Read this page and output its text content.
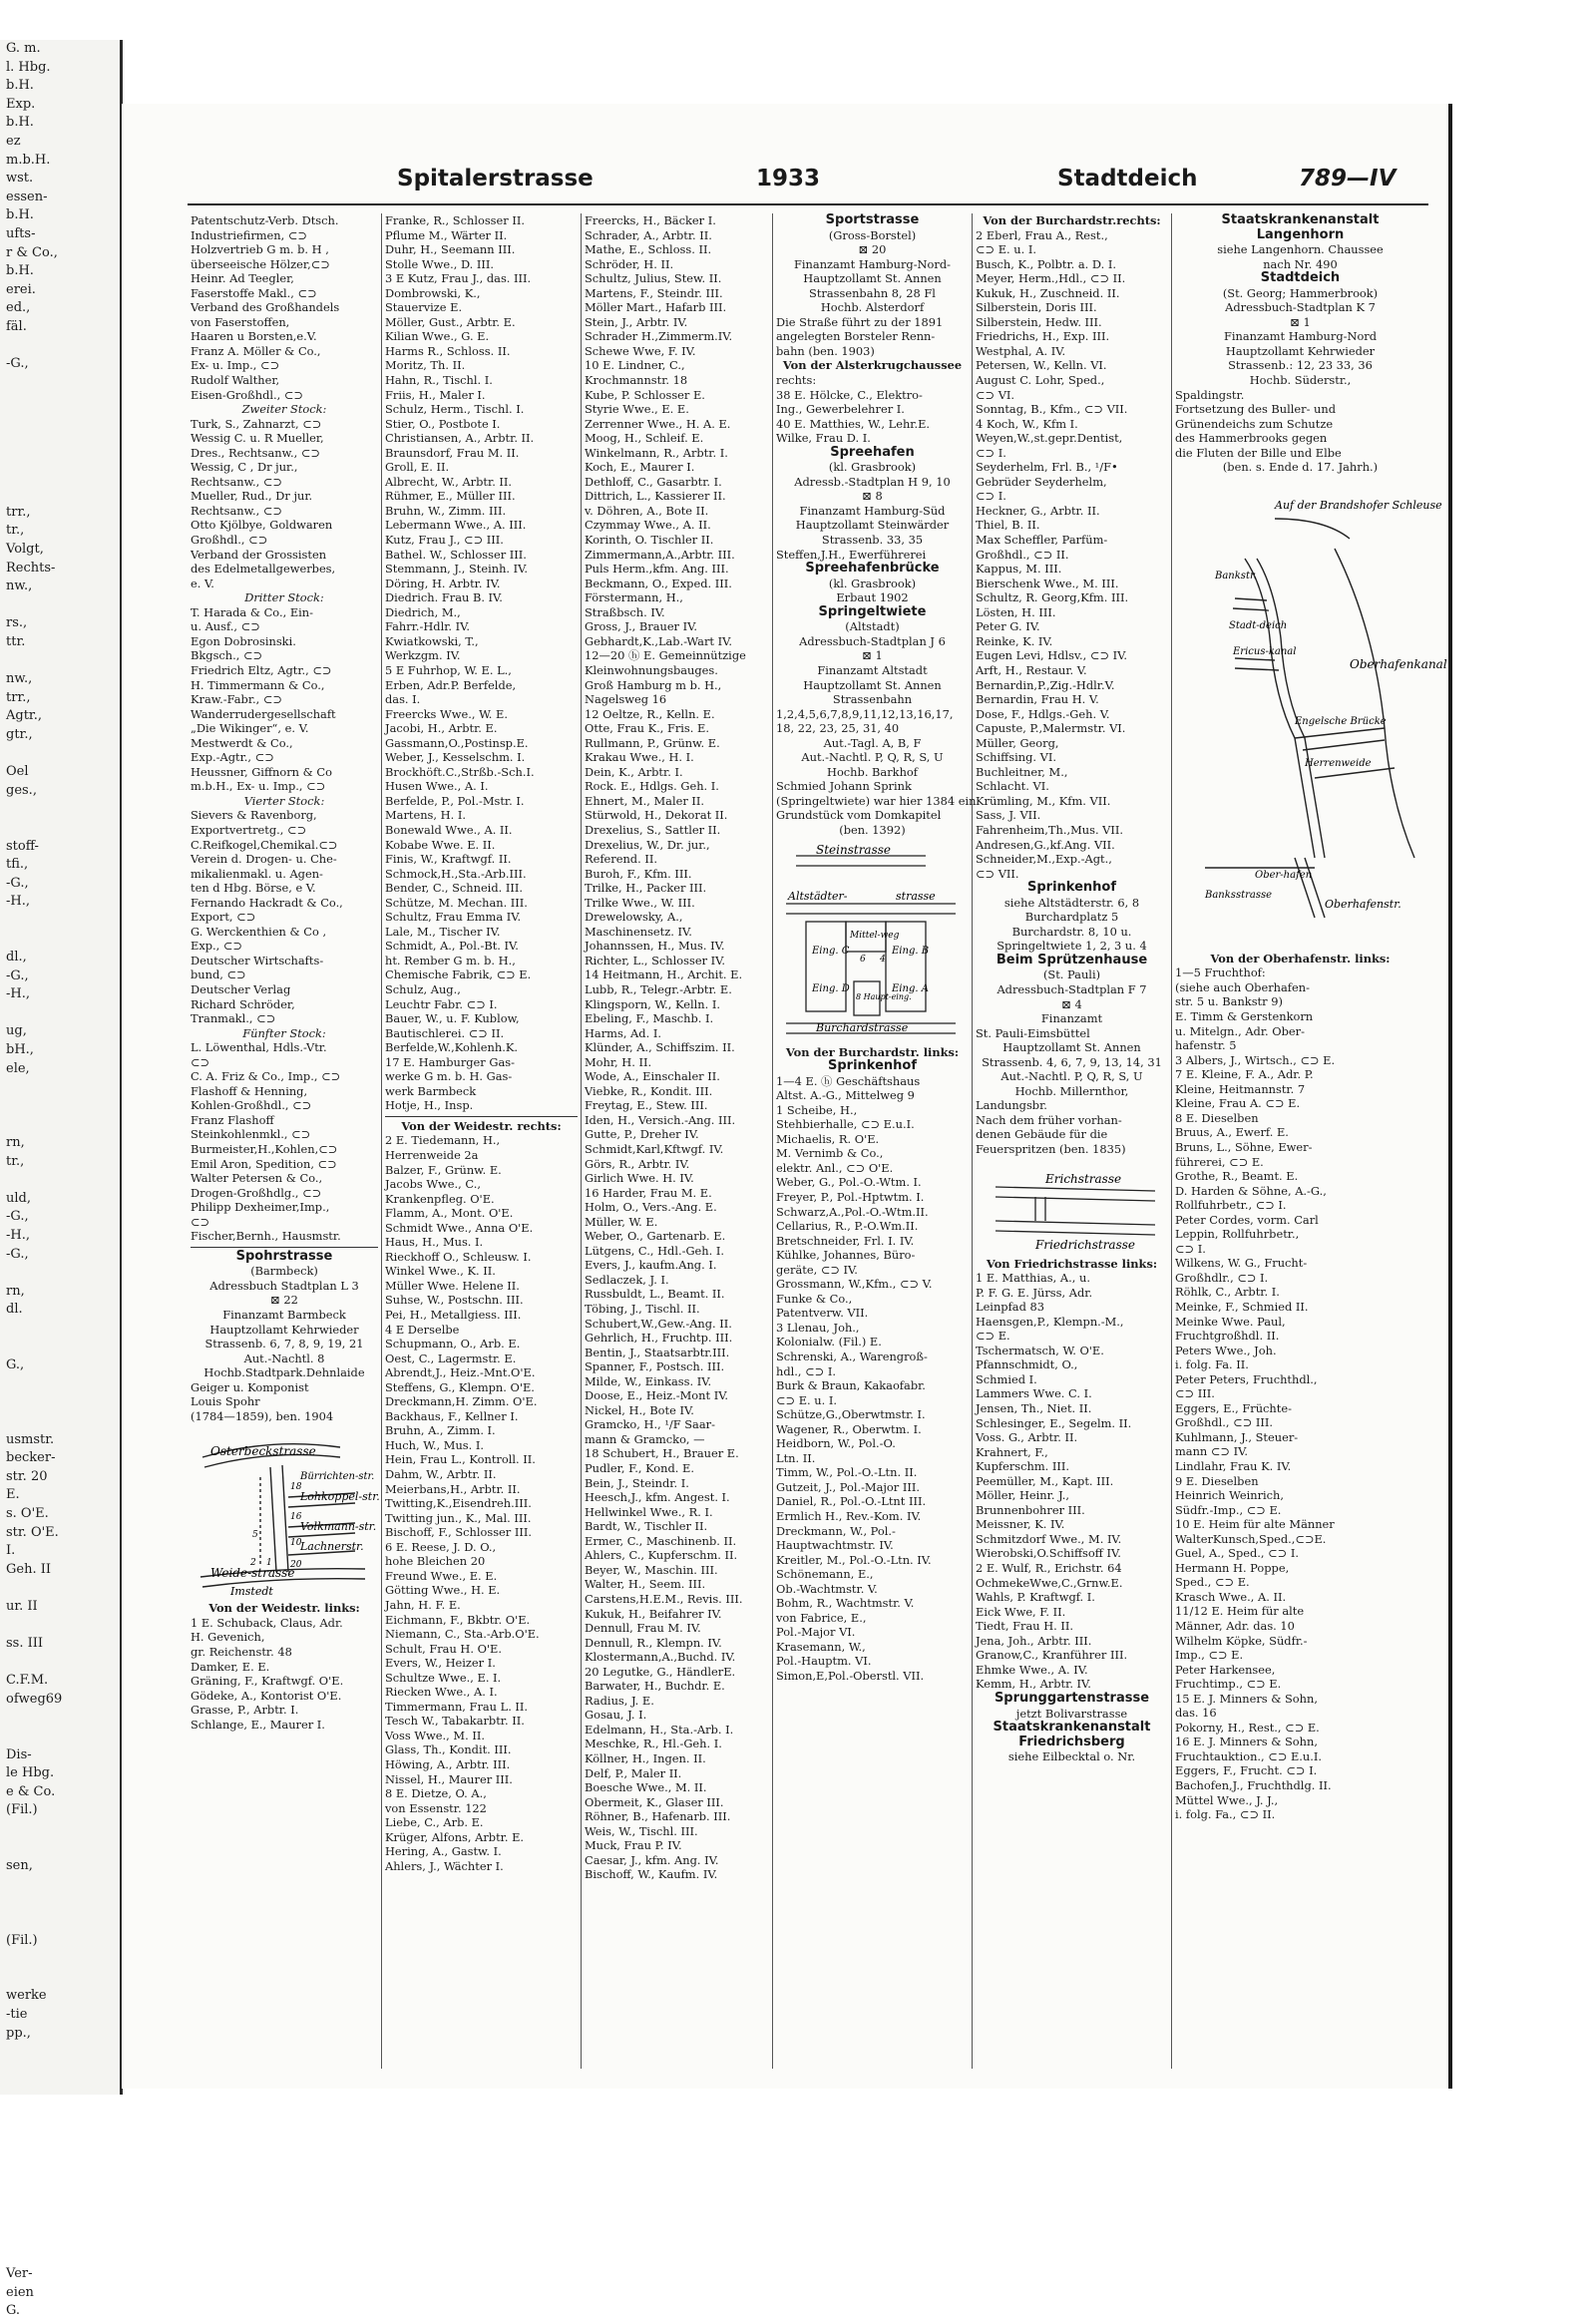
G. m.
l. Hbg.
b.H.
Exp.
b.H.
ez
m.b.H.
wst.
essen-
b.H.
ufts-
r & Co.,
b.H.
erei.
ed.,
fäl.

-G.,

trr.,
tr.,
Volgt,
Rechts-
nw.,

rs.,
ttr.

nw.,
trr.,
Agtr.,
gtr.,

Oel
ges.,

stoff-
tfi.,
-G.,
-H.,

dl.,
-G.,
-H.,

ug,
bH.,
ele,

rn,
tr.,

uld,
-G.,
-H.,
-G.,

rn,
dl.

G.,

usmstr.
becker-
str. 20
E.
s. O'E.
str. O'E.
I.
Geh. II

ur. II

ss. III

C.F.M.
ofweg69

Dis-
le Hbg.
e & Co.
(Fil.)

sen,

(Fil.)

werke
-tie
pp.,

Ver-
eien
G.
Spitalerstrasse	1933	Stadtdeich	789—IV
Patentschutz-Verb. Dtsch.
Industriefirmen, ⊂⊃
Holzvertrieb G m. b. H ,
überseeische Hölzer,⊂⊃
Heinr. Ad Teegler,
Faserstoffe Makl., ⊂⊃
Verband des Großhandels
von Faserstoffen,
Haaren u Borsten,e.V.
Franz A. Möller & Co.,
Ex- u. Imp., ⊂⊃
Rudolf Walther,
Eisen-Großhdl., ⊂⊃
Zweiter Stock:
Turk, S., Zahnarzt, ⊂⊃
Wessig C. u. R Mueller,
Dres., Rechtsanw., ⊂⊃
Wessig, C , Dr jur.,
Rechtsanw., ⊂⊃
Mueller, Rud., Dr jur.
Rechtsanw., ⊂⊃
Otto Kjölbye, Goldwaren
Großhdl., ⊂⊃
Verband der Grossisten
des Edelmetallgewerbes,
e. V.
Dritter Stock:
T. Harada & Co., Ein-
u. Ausf., ⊂⊃
Egon Dobrosinski.
Bkgsch., ⊂⊃
Friedrich Eltz, Agtr., ⊂⊃
H. Timmermann & Co.,
Kraw.-Fabr., ⊂⊃
Wanderrudergesellschaft
„Die Wikinger“, e. V.
Mestwerdt & Co.,
Exp.-Agtr., ⊂⊃
Heussner, Giffnorn & Co
m.b.H., Ex- u. Imp., ⊂⊃
Vierter Stock:
Sievers & Ravenborg,
Exportvertretg., ⊂⊃
C.Reifkogel,Chemikal.⊂⊃
Verein d. Drogen- u. Che-
mikalienmakl. u. Agen-
ten d Hbg. Börse, e V.
Fernando Hackradt & Co.,
Export, ⊂⊃
G. Werckenthien & Co ,
Exp., ⊂⊃
Deutscher Wirtschafts-
bund, ⊂⊃
Deutscher Verlag
Richard Schröder,
Tranmakl., ⊂⊃
Fünfter Stock:
L. Löwenthal, Hdls.-Vtr.
⊂⊃
C. A. Friz & Co., Imp., ⊂⊃
Flashoff & Henning,
Kohlen-Großhdl., ⊂⊃
Franz Flashoff
Steinkohlenmkl., ⊂⊃
Burmeister,H.,Kohlen,⊂⊃
Emil Aron, Spedition, ⊂⊃
Walter Petersen & Co.,
Drogen-Großhdlg., ⊂⊃
Philipp Dexheimer,Imp.,
⊂⊃
Fischer,Bernh., Hausmstr.
Spohrstrasse
(Barmbeck)
Adressbuch Stadtplan L 3
⊠ 22
Finanzamt Barmbeck
Hauptzollamt Kehrwieder
Strassenb. 6, 7, 8, 9, 19, 21
Aut.-Nachtl. 8
Hochb.Stadtpark.Dehnlaide
Geiger u. Komponist
Louis Spohr
(1784—1859), ben. 1904
Osterbeckstrasse
Bürrichten-str.
Lohkoppel-str.
Volkmann-str.
Lachnerstr.
Weide-strasse
Imstedt
1
2
5
16
10
18
20
Von der Weidestr. links:
1 E. Schuback, Claus, Adr.
H. Gevenich,
gr. Reichenstr. 48
Damker, E. E.
Gräning, F., Kraftwgf. O'E.
Gödeke, A., Kontorist O'E.
Grasse, P., Arbtr. I.
Schlange, E., Maurer I.
Franke, R., Schlosser II.
Pflume M., Wärter II.
Duhr, H., Seemann III.
Stolle Wwe., D. III.
3 E Kutz, Frau J., das. III.
Dombrowski, K.,
Stauervize E.
Möller, Gust., Arbtr. E.
Kilian Wwe., G. E.
Harms R., Schloss. II.
Moritz, Th. II.
Hahn, R., Tischl. I.
Friis, H., Maler I.
Schulz, Herm., Tischl. I.
Stier, O., Postbote I.
Christiansen, A., Arbtr. II.
Braunsdorf, Frau M. II.
Groll, E. II.
Albrecht, W., Arbtr. II.
Rühmer, E., Müller III.
Bruhn, W., Zimm. III.
Lebermann Wwe., A. III.
Kutz, Frau J., ⊂⊃ III.
Bathel. W., Schlosser III.
Stemmann, J., Steinh. IV.
Döring, H. Arbtr. IV.
Diedrich. Frau B. IV.
Diedrich, M.,
Fahrr.-Hdlr. IV.
Kwiatkowski, T.,
Werkzgm. IV.
5 E Fuhrhop, W. E. L.,
Erben, Adr.P. Berfelde,
das. I.
Freercks Wwe., W. E.
Jacobi, H., Arbtr. E.
Gassmann,O.,Postinsp.E.
Weber, J., Kesselschm. I.
Brockhöft.C.,Strßb.-Sch.I.
Husen Wwe., A. I.
Berfelde, P., Pol.-Mstr. I.
Martens, H. I.
Bonewald Wwe., A. II.
Kobabe Wwe. E. II.
Finis, W., Kraftwgf. II.
Schmock,H.,Sta.-Arb.III.
Bender, C., Schneid. III.
Schütze, M. Mechan. III.
Schultz, Frau Emma IV.
Lale, M., Tischer IV.
Schmidt, A., Pol.-Bt. IV.
ht. Rember G m. b. H.,
Chemische Fabrik, ⊂⊃ E.
Schulz, Aug.,
Leuchtr Fabr. ⊂⊃ I.
Bauer, W., u. F. Kublow,
Bautischlerei. ⊂⊃ II.
Berfelde,W.,Kohlenh.K.
17 E. Hamburger Gas-
werke G m. b. H. Gas-
werk Barmbeck
Hotje, H., Insp.
Von der Weidestr. rechts:
2 E. Tiedemann, H.,
Herrenweide 2a
Balzer, F., Grünw. E.
Jacobs Wwe., C.,
Krankenpfleg. O'E.
Flamm, A., Mont. O'E.
Schmidt Wwe., Anna O'E.
Haus, H., Mus. I.
Rieckhoff O., Schleusw. I.
Winkel Wwe., K. II.
Müller Wwe. Helene II.
Suhse, W., Postschn. III.
Pei, H., Metallgiess. III.
4 E Derselbe
Schupmann, O., Arb. E.
Oest, C., Lagermstr. E.
Abrendt,J., Heiz.-Mnt.O'E.
Steffens, G., Klempn. O'E.
Dreckmann,H. Zimm. O'E.
Backhaus, F., Kellner I.
Bruhn, A., Zimm. I.
Huch, W., Mus. I.
Hein, Frau L., Kontroll. II.
Dahm, W., Arbtr. II.
Meierbans,H., Arbtr. II.
Twitting,K.,Eisendreh.III.
Twitting jun., K., Mal. III.
Bischoff, F., Schlosser III.
6 E. Reese, J. D. O.,
hohe Bleichen 20
Freund Wwe., E. E.
Götting Wwe., H. E.
Jahn, H. F. E.
Eichmann, F., Bkbtr. O'E.
Niemann, C., Sta.-Arb.O'E.
Schult, Frau H. O'E.
Evers, W., Heizer I.
Schultze Wwe., E. I.
Riecken Wwe., A. I.
Timmermann, Frau L. II.
Tesch W., Tabakarbtr. II.
Voss Wwe., M. II.
Glass, Th., Kondit. III.
Höwing, A., Arbtr. III.
Nissel, H., Maurer III.
8 E. Dietze, O. A.,
von Essenstr. 122
Liebe, C., Arb. E.
Krüger, Alfons, Arbtr. E.
Hering, A., Gastw. I.
Ahlers, J., Wächter I.
Freercks, H., Bäcker I.
Schrader, A., Arbtr. II.
Mathe, E., Schloss. II.
Schröder, H. II.
Schultz, Julius, Stew. II.
Martens, F., Steindr. III.
Möller Mart., Hafarb III.
Stein, J., Arbtr. IV.
Schrader H.,Zimmerm.IV.
Schewe Wwe, F. IV.
10 E. Lindner, C.,
Krochmannstr. 18
Kube, P. Schlosser E.
Styrie Wwe., E. E.
Zerrenner Wwe., H. A. E.
Moog, H., Schleif. E.
Winkelmann, R., Arbtr. I.
Koch, E., Maurer I.
Dethloff, C., Gasarbtr. I.
Dittrich, L., Kassierer II.
v. Döhren, A., Bote II.
Czymmay Wwe., A. II.
Korinth, O. Tischler II.
Zimmermann,A.,Arbtr. III.
Puls Herm.,kfm. Ang. III.
Beckmann, O., Exped. III.
Förstermann, H.,
Straßbsch. IV.
Gross, J., Brauer IV.
Gebhardt,K.,Lab.-Wart IV.
12—20 ⓗ E. Gemeinnützige
Kleinwohnungsbauges.
Groß Hamburg m b. H.,
Nagelsweg 16
12 Oeltze, R., Kelln. E.
Otte, Frau K., Fris. E.
Rullmann, P., Grünw. E.
Krakau Wwe., H. I.
Dein, K., Arbtr. I.
Rock. E., Hdlgs. Geh. I.
Ehnert, M., Maler II.
Stürwold, H., Dekorat II.
Drexelius, S., Sattler II.
Drexelius, W., Dr. jur.,
Referend. II.
Buroh, F., Kfm. III.
Trilke, H., Packer III.
Trilke Wwe., W. III.
Drewelowsky, A.,
Maschinensetz. IV.
Johannssen, H., Mus. IV.
Richter, L., Schlosser IV.
14 Heitmann, H., Archit. E.
Lubb, R., Telegr.-Arbtr. E.
Klingsporn, W., Kelln. I.
Ebeling, F., Maschb. I.
Harms, Ad. I.
Klünder, A., Schiffszim. II.
Mohr, H. II.
Wode, A., Einschaler II.
Viebke, R., Kondit. III.
Freytag, E., Stew. III.
Iden, H., Versich.-Ang. III.
Gutte, P., Dreher IV.
Schmidt,Karl,Kftwgf. IV.
Görs, R., Arbtr. IV.
Girlich Wwe. H. IV.
16 Harder, Frau M. E.
Holm, O., Vers.-Ang. E.
Müller, W. E.
Weber, O., Gartenarb. E.
Lütgens, C., Hdl.-Geh. I.
Evers, J., kaufm.Ang. I.
Sedlaczek, J. I.
Russbuldt, L., Beamt. II.
Töbing, J., Tischl. II.
Schubert,W.,Gew.-Ang. II.
Gehrlich, H., Fruchtp. III.
Bentin, J., Staatsarbtr.III.
Spanner, F., Postsch. III.
Milde, W., Einkass. IV.
Doose, E., Heiz.-Mont IV.
Nickel, H., Bote IV.
Gramcko, H., ¹/F Saar-
mann & Gramcko, —
18 Schubert, H., Brauer E.
Pudler, F., Kond. E.
Bein, J., Steindr. I.
Heesch,J., kfm. Angest. I.
Hellwinkel Wwe., R. I.
Bardt, W., Tischler II.
Ermer, C., Maschinenb. II.
Ahlers, C., Kupferschm. II.
Beyer, W., Maschin. III.
Walter, H., Seem. III.
Carstens,H.E.M., Revis. III.
Kukuk, H., Beifahrer IV.
Dennull, Frau M. IV.
Dennull, R., Klempn. IV.
Klostermann,A.,Buchd. IV.
20 Legutke, G., HändlerE.
Barwater, H., Buchdr. E.
Radius, J. E.
Gosau, J. I.
Edelmann, H., Sta.-Arb. I.
Meschke, R., Hl.-Geh. I.
Köllner, H., Ingen. II.
Delf, P., Maler II.
Boesche Wwe., M. II.
Obermeit, K., Glaser III.
Röhner, B., Hafenarb. III.
Weis, W., Tischl. III.
Muck, Frau P. IV.
Caesar, J., kfm. Ang. IV.
Bischoff, W., Kaufm. IV.
Sportstrasse
(Gross-Borstel)
⊠ 20
Finanzamt Hamburg-Nord-
Hauptzollamt St. Annen
Strassenbahn 8, 28 Fl
Hochb. Alsterdorf
Die Straße führt zu der 1891
angelegten Borsteler Renn-
bahn (ben. 1903)
Von der Alsterkrugchaussee
rechts:
38 E. Hölcke, C., Elektro-
Ing., Gewerbelehrer I.
40 E. Matthies, W., Lehr.E.
Wilke, Frau D. I.
Spreehafen
(kl. Grasbrook)
Adressb.-Stadtplan H 9, 10
⊠ 8
Finanzamt Hamburg-Süd
Hauptzollamt Steinwärder
Strassenb. 33, 35
Steffen,J.H., Ewerführerei
Spreehafenbrücke
(kl. Grasbrook)
Erbaut 1902
Springeltwiete
(Altstadt)
Adressbuch-Stadtplan J 6
⊠ 1
Finanzamt Altstadt
Hauptzollamt St. Annen
Strassenbahn
1,2,4,5,6,7,8,9,11,12,13,16,17,
18, 22, 23, 25, 31, 40
Aut.-Tagl. A, B, F
Aut.-Nachtl. P, Q, R, S, U
Hochb. Barkhof
Schmied Johann Sprink
(Springeltwiete) war hier 1384 ein
Grundstück vom Domkapitel
(ben. 1392)
Steinstrasse
Altstädter-	strasse
Mittel-weg
Burchardstrasse
Eing. C	Eing. B
Eing. D	Eing. A
8 Haupt-eing.
6 4
Von der Burchardstr. links:
Sprinkenhof
1—4 E. ⓗ Geschäftshaus
Altst. A.-G., Mittelweg 9
1 Scheibe, H.,
Stehbierhalle, ⊂⊃ E.u.I.
Michaelis, R. O'E.
M. Vernimb & Co.,
elektr. Anl., ⊂⊃ O'E.
Weber, G., Pol.-O.-Wtm. I.
Freyer, P., Pol.-Hptwtm. I.
Schwarz,A.,Pol.-O.-Wtm.II.
Cellarius, R., P.-O.Wm.II.
Bretschneider, Frl. I. IV.
Kühlke, Johannes, Büro-
geräte, ⊂⊃ IV.
Grossmann, W.,Kfm., ⊂⊃ V.
Funke & Co.,
Patentverw. VII.
3 Llenau, Joh.,
Kolonialw. (Fil.) E.
Schrenski, A., Warengroß-
hdl., ⊂⊃ I.
Burk & Braun, Kakaofabr.
⊂⊃ E. u. I.
Schütze,G.,Oberwtmstr. I.
Wagener, R., Oberwtm. I.
Heidborn, W., Pol.-O.
Ltn. II.
Timm, W., Pol.-O.-Ltn. II.
Gutzeit, J., Pol.-Major III.
Daniel, R., Pol.-O.-Ltnt III.
Ermlich H., Rev.-Kom. IV.
Dreckmann, W., Pol.-
Hauptwachtmstr. IV.
Kreitler, M., Pol.-O.-Ltn. IV.
Schönemann, E.,
Ob.-Wachtmstr. V.
Bohm, R., Wachtmstr. V.
von Fabrice, E.,
Pol.-Major VI.
Krasemann, W.,
Pol.-Hauptm. VI.
Simon,E,Pol.-Oberstl. VII.
Von der Burchardstr.rechts:
2 Eberl, Frau A., Rest.,
⊂⊃ E. u. I.
Busch, K., Polbtr. a. D. I.
Meyer, Herm.,Hdl., ⊂⊃ II.
Kukuk, H., Zuschneid. II.
Silberstein, Doris III.
Silberstein, Hedw. III.
Friedrichs, H., Exp. III.
Westphal, A. IV.
Petersen, W., Kelln. VI.
August C. Lohr, Sped.,
⊂⊃ VI.
Sonntag, B., Kfm., ⊂⊃ VII.
4 Koch, W., Kfm I.
Weyen,W.,st.gepr.Dentist,
⊂⊃ I.
Seyderhelm, Frl. B., ¹/F•
Gebrüder Seyderhelm,
⊂⊃ I.
Heckner, G., Arbtr. II.
Thiel, B. II.
Max Scheffler, Parfüm-
Großhdl., ⊂⊃ II.
Kappus, M. III.
Bierschenk Wwe., M. III.
Schultz, R. Georg,Kfm. III.
Lösten, H. III.
Peter G. IV.
Reinke, K. IV.
Eugen Levi, Hdlsv., ⊂⊃ IV.
Arft, H., Restaur. V.
Bernardin,P.,Zig.-Hdlr.V.
Bernardin, Frau H. V.
Dose, F., Hdlgs.-Geh. V.
Capuste, P.,Malermstr. VI.
Müller, Georg,
Schiffsing. VI.
Buchleitner, M.,
Schlacht. VI.
Krümling, M., Kfm. VII.
Sass, J. VII.
Fahrenheim,Th.,Mus. VII.
Andresen,G.,kf.Ang. VII.
Schneider,M.,Exp.-Agt.,
⊂⊃ VII.
Sprinkenhof
siehe Altstädterstr. 6, 8
Burchardplatz 5
Burchardstr. 8, 10 u.
Springeltwiete 1, 2, 3 u. 4
Beim Sprützenhause
(St. Pauli)
Adressbuch-Stadtplan F 7
⊠ 4
Finanzamt
St. Pauli-Eimsbüttel
Hauptzollamt St. Annen
Strassenb. 4, 6, 7, 9, 13, 14, 31
Aut.-Nachtl. P, Q, R, S, U
Hochb. Millernthor,
Landungsbr.
Nach dem früher vorhan-
denen Gebäude für die
Feuerspritzen (ben. 1835)
Erichstrasse
Friedrichstrasse
Von Friedrichstrasse links:
1 E. Matthias, A., u.
P. F. G. E. Jürss, Adr.
Leinpfad 83
Haensgen,P., Klempn.-M.,
⊂⊃ E.
Tschermatsch, W. O'E.
Pfannschmidt, O.,
Schmied I.
Lammers Wwe. C. I.
Jensen, Th., Niet. II.
Schlesinger, E., Segelm. II.
Voss. G., Arbtr. II.
Krahnert, F.,
Kupferschm. III.
Peemüller, M., Kapt. III.
Möller, Heinr. J.,
Brunnenbohrer III.
Meissner, K. IV.
Schmitzdorf Wwe., M. IV.
Wierobski,O.Schiffsoff IV.
2 E. Wulf, R., Erichstr. 64
OchmekeWwe,C.,Grnw.E.
Wahls, P. Kraftwgf. I.
Eick Wwe, F. II.
Tiedt, Frau H. II.
Jena, Joh., Arbtr. III.
Granow,C., Kranführer III.
Ehmke Wwe., A. IV.
Kemm, H., Arbtr. IV.
Sprunggartenstrasse
jetzt Bolivarstrasse
Staatskrankenanstalt
Friedrichsberg
siehe Eilbecktal o. Nr.
Staatskrankenanstalt
Langenhorn
siehe Langenhorn. Chaussee
nach Nr. 490
Stadtdeich
(St. Georg; Hammerbrook)
Adressbuch-Stadtplan K 7
⊠ 1
Finanzamt Hamburg-Nord
Hauptzollamt Kehrwieder
Strassenb.: 12, 23 33, 36
Hochb. Süderstr.,
Spaldingstr.
Fortsetzung des Buller- und
Grünendeichs zum Schutze
des Hammerbrooks gegen
die Fluten der Bille und Elbe
(ben. s. Ende d. 17. Jahrh.)
Auf der Brandshofer Schleuse
Bankstr.
Stadt-deich
Ericus-kanal
Oberhafenkanal
Engelsche Brücke
Herrenweide
Banksstrasse
Ober-hafen
Oberhafenstr.
Von der Oberhafenstr. links:
1—5 Fruchthof:
(siehe auch Oberhafen-
str. 5 u. Bankstr 9)
E. Timm & Gerstenkorn
u. Mitelgn., Adr. Ober-
hafenstr. 5
3 Albers, J., Wirtsch., ⊂⊃ E.
7 E. Kleine, F. A., Adr. P.
Kleine, Heitmannstr. 7
Kleine, Frau A. ⊂⊃ E.
8 E. Dieselben
Bruus, A., Ewerf. E.
Bruns, L., Söhne, Ewer-
führerei, ⊂⊃ E.
Grothe, R., Beamt. E.
D. Harden & Söhne, A.-G.,
Rollfuhrbetr., ⊂⊃ I.
Peter Cordes, vorm. Carl
Leppin, Rollfuhrbetr.,
⊂⊃ I.
Wilkens, W. G., Frucht-
Großhdlr., ⊂⊃ I.
Röhlk, C., Arbtr. I.
Meinke, F., Schmied II.
Meinke Wwe. Paul,
Fruchtgroßhdl. II.
Peters Wwe., Joh.
i. folg. Fa. II.
Peter Peters, Fruchthdl.,
⊂⊃ III.
Eggers, E., Früchte-
Großhdl., ⊂⊃ III.
Kuhlmann, J., Steuer-
mann ⊂⊃ IV.
Lindlahr, Frau K. IV.
9 E. Dieselben
Heinrich Weinrich,
Südfr.-Imp., ⊂⊃ E.
10 E. Heim für alte Männer
WalterKunsch,Sped.,⊂⊃E.
Guel, A., Sped., ⊂⊃ I.
Hermann H. Poppe,
Sped., ⊂⊃ E.
Krasch Wwe., A. II.
11/12 E. Heim für alte
Männer, Adr. das. 10
Wilhelm Köpke, Südfr.-
Imp., ⊂⊃ E.
Peter Harkensee,
Fruchtimp., ⊂⊃ E.
15 E. J. Minners & Sohn,
das. 16
Pokorny, H., Rest., ⊂⊃ E.
16 E. J. Minners & Sohn,
Fruchtauktion., ⊂⊃ E.u.I.
Eggers, F., Frucht. ⊂⊃ I.
Bachofen,J., Fruchthdlg. II.
Müttel Wwe., J. J.,
i. folg. Fa., ⊂⊃ II.
